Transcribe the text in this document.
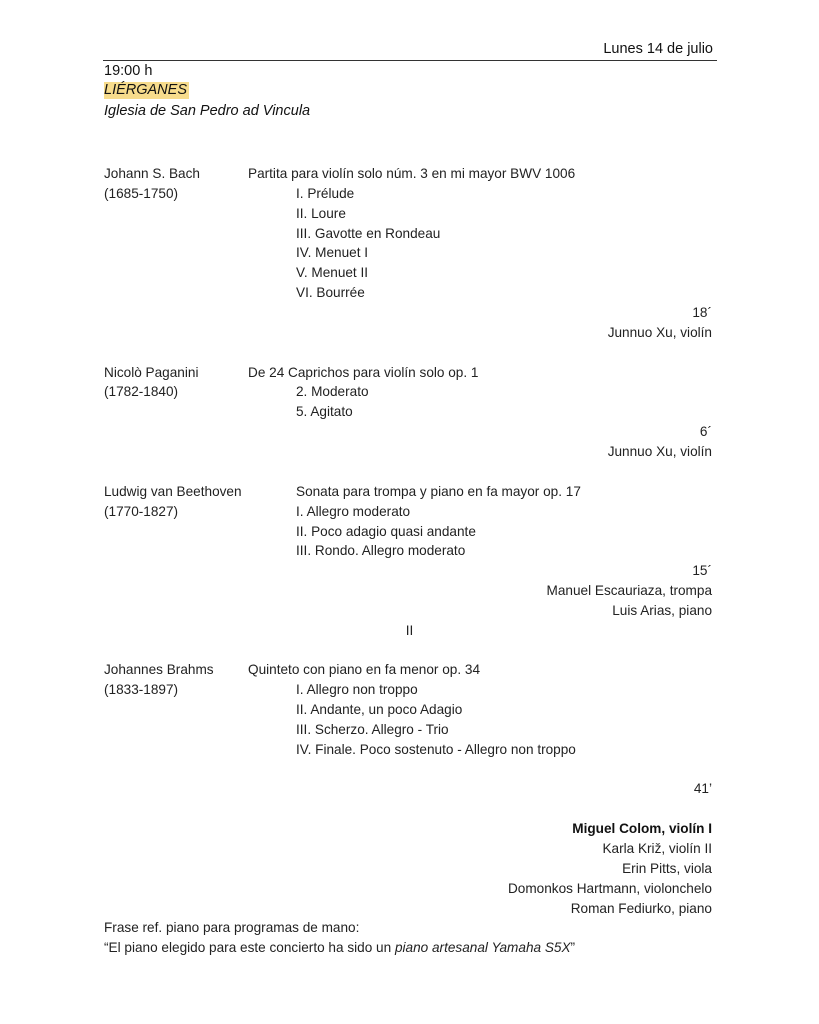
Lunes 14 de julio
19:00 h
LIÉRGANES
Iglesia de San Pedro ad Vincula
Johann S. Bach
(1685-1750)
Partita para violín solo núm. 3 en mi mayor BWV 1006
I. Prélude
II. Loure
III. Gavotte en Rondeau
IV. Menuet I
V. Menuet II
VI. Bourrée
18´
Junnuo Xu, violín
Nicolò Paganini
(1782-1840)
De 24 Caprichos para violín solo op. 1
2. Moderato
5. Agitato
6´
Junnuo Xu, violín
Ludwig van Beethoven
(1770-1827)
Sonata para trompa y piano en fa mayor op. 17
I. Allegro moderato
II. Poco adagio quasi andante
III. Rondo. Allegro moderato
15´
Manuel Escauriaza, trompa
Luis Arias, piano
II
Johannes Brahms
(1833-1897)
Quinteto con piano en fa menor op. 34
I. Allegro non troppo
II. Andante, un poco Adagio
III. Scherzo. Allegro - Trio
IV. Finale. Poco sostenuto - Allegro non troppo
41’
Miguel Colom, violín I
Karla Križ, violín II
Erin Pitts, viola
Domonkos Hartmann, violonchelo
Roman Fediurko, piano
Frase ref. piano para programas de mano:
“El piano elegido para este concierto ha sido un piano artesanal Yamaha S5X”
